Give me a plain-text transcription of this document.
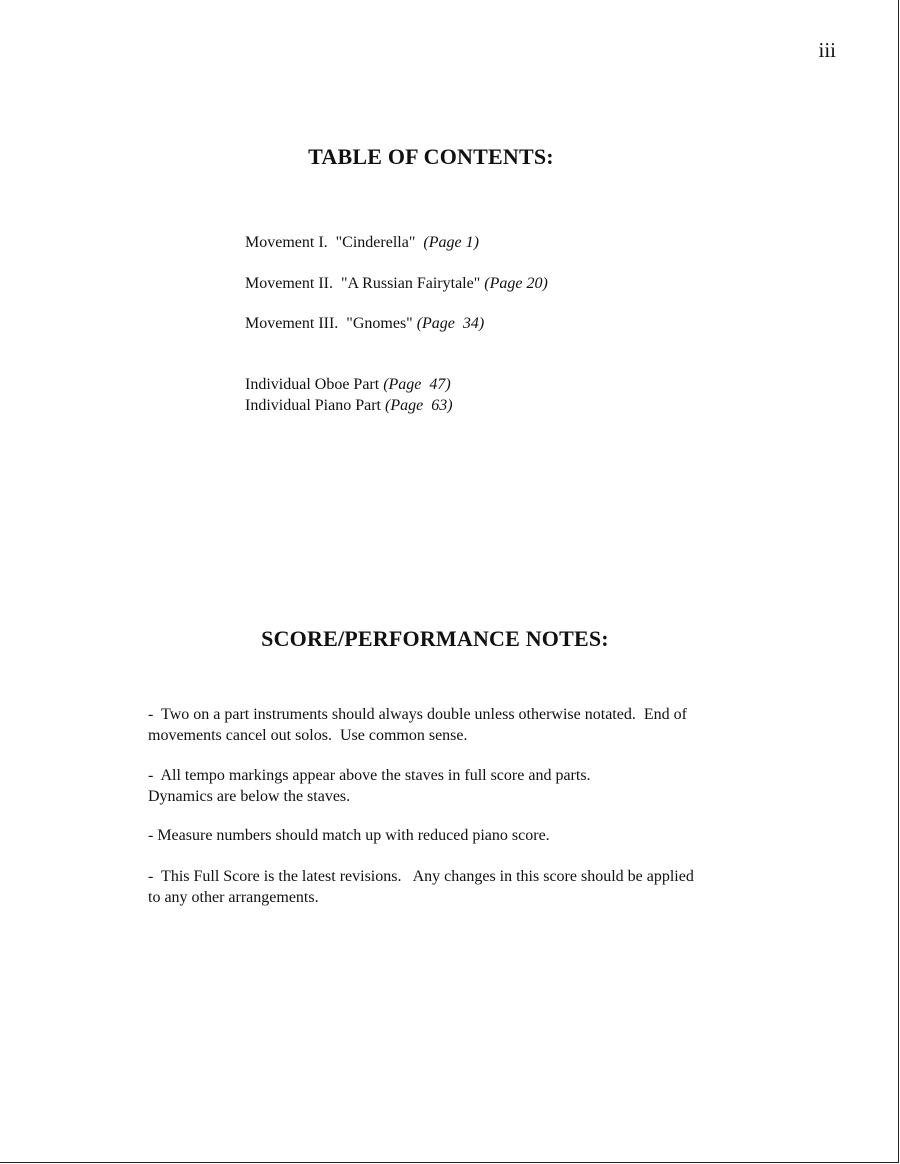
iii
TABLE OF CONTENTS:
Movement I.  "Cinderella"  (Page 1)
Movement II.  "A Russian Fairytale" (Page 20)
Movement III.  "Gnomes" (Page  34)
Individual Oboe Part (Page  47)
Individual Piano Part (Page  63)
SCORE/PERFORMANCE NOTES:
-  Two on a part instruments should always double unless otherwise notated.  End of
movements cancel out solos.  Use common sense.
-  All tempo markings appear above the staves in full score and parts.
Dynamics are below the staves.
- Measure numbers should match up with reduced piano score.
-  This Full Score is the latest revisions.   Any changes in this score should be applied
to any other arrangements.
